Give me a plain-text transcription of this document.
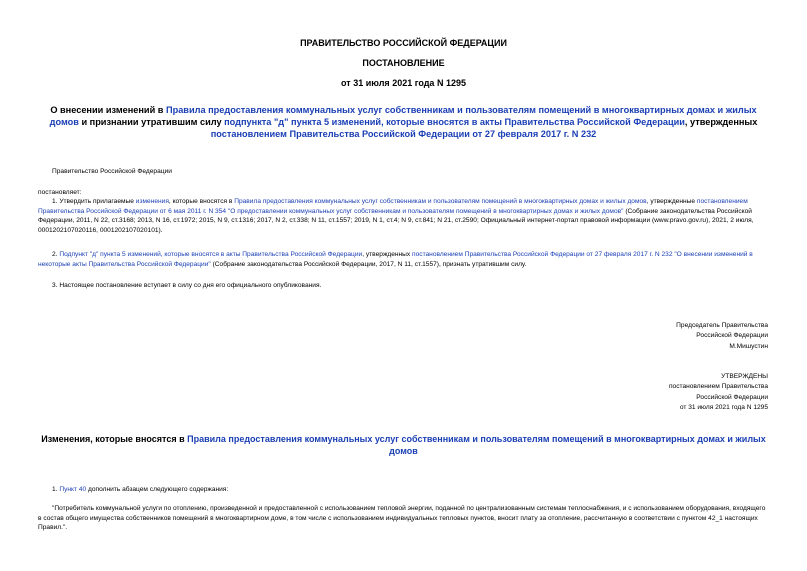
ПРАВИТЕЛЬСТВО РОССИЙСКОЙ ФЕДЕРАЦИИ
ПОСТАНОВЛЕНИЕ
от 31 июля 2021 года N 1295
О внесении изменений в Правила предоставления коммунальных услуг собственникам и пользователям помещений в многоквартирных домах и жилых домов и признании утратившим силу подпункта "д" пункта 5 изменений, которые вносятся в акты Правительства Российской Федерации, утвержденных постановлением Правительства Российской Федерации от 27 февраля 2017 г. N 232
Правительство Российской Федерации
постановляет:
1. Утвердить прилагаемые изменения, которые вносятся в Правила предоставления коммунальных услуг собственникам и пользователям помещений в многоквартирных домах и жилых домов, утвержденные постановлением Правительства Российской Федерации от 6 мая 2011 г. N 354 "О предоставлении коммунальных услуг собственникам и пользователям помещений в многоквартирных домах и жилых домов" (Собрание законодательства Российской Федерации, 2011, N 22, ст.3168; 2013, N 16, ст.1972; 2015, N 9, ст.1316; 2017, N 2, ст.338; N 11, ст.1557; 2019, N 1, ст.4; N 9, ст.841; N 21, ст.2590; Официальный интернет-портал правовой информации (www.pravo.gov.ru), 2021, 2 июля, 0001202107020116, 0001202107020101).
2. Подпункт "д" пункта 5 изменений, которые вносятся в акты Правительства Российской Федерации, утвержденных постановлением Правительства Российской Федерации от 27 февраля 2017 г. N 232 "О внесении изменений в некоторые акты Правительства Российской Федерации" (Собрание законодательства Российской Федерации, 2017, N 11, ст.1557), признать утратившим силу.
3. Настоящее постановление вступает в силу со дня его официального опубликования.
Председатель Правительства
Российской Федерации
М.Мишустин
УТВЕРЖДЕНЫ
постановлением Правительства
Российской Федерации
от 31 июля 2021 года N 1295
Изменения, которые вносятся в Правила предоставления коммунальных услуг собственникам и пользователям помещений в многоквартирных домах и жилых домов
1. Пункт 40 дополнить абзацем следующего содержания:
"Потребитель коммунальной услуги по отоплению, произведенной и предоставленной с использованием тепловой энергии, поданной по централизованным системам теплоснабжения, и с использованием оборудования, входящего в состав общего имущества собственников помещений в многоквартирном доме, в том числе с использованием индивидуальных тепловых пунктов, вносит плату за отопление, рассчитанную в соответствии с пунктом 42_1 настоящих Правил.".
